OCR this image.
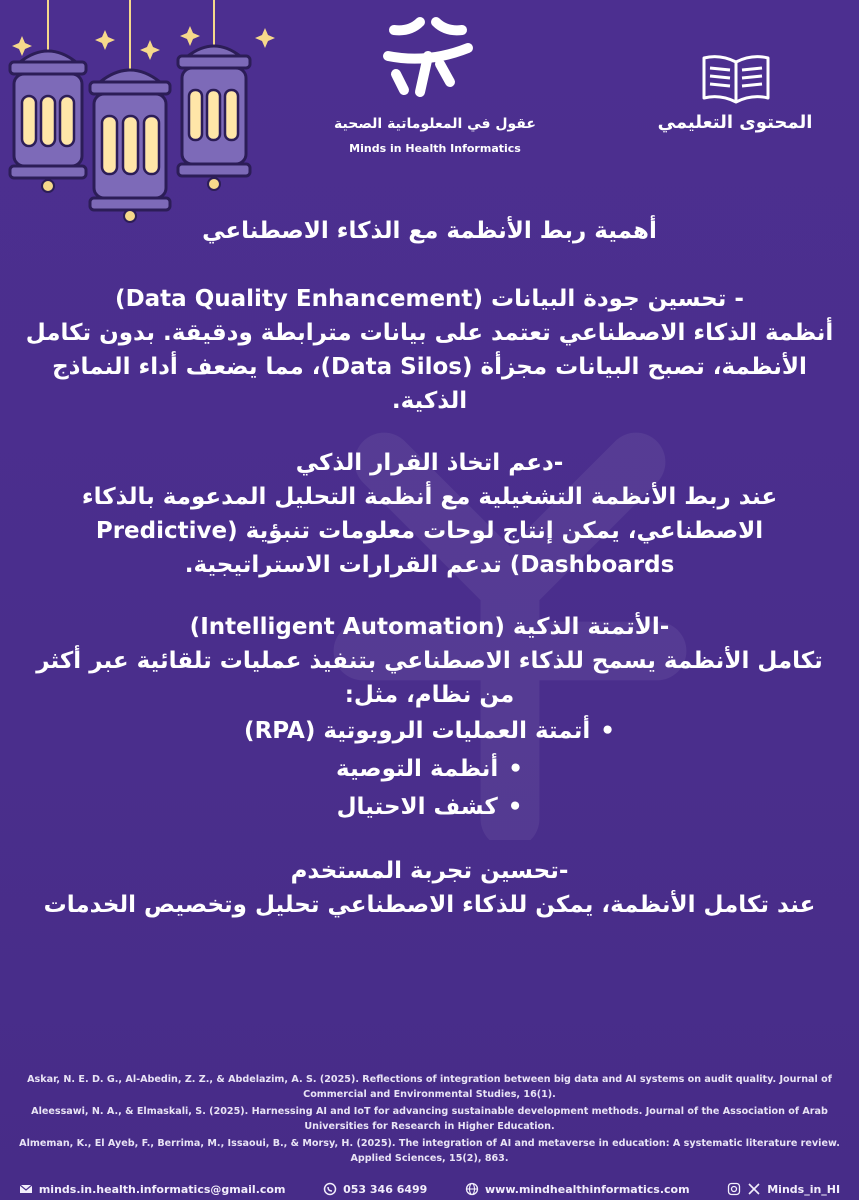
عقول في المعلوماتية الصحية
Minds in Health Informatics
المحتوى التعليمي

أهمية ربط الأنظمة مع الذكاء الاصطناعي

- تحسين جودة البيانات (Data Quality Enhancement)

أنظمة الذكاء الاصطناعي تعتمد على بيانات مترابطة ودقيقة. بدون تكامل الأنظمة، تصبح البيانات مجزأة (Data Silos)، مما يضعف أداء النماذج الذكية.

-دعم اتخاذ القرار الذكي

عند ربط الأنظمة التشغيلية مع أنظمة التحليل المدعومة بالذكاء الاصطناعي، يمكن إنتاج لوحات معلومات تنبؤية (Predictive Dashboards) تدعم القرارات الاستراتيجية.

-الأتمتة الذكية (Intelligent Automation)

تكامل الأنظمة يسمح للذكاء الاصطناعي بتنفيذ عمليات تلقائية عبر أكثر من نظام، مثل:

•أتمتة العمليات الروبوتية (RPA)
•أنظمة التوصية
•كشف الاحتيال

-تحسين تجربة المستخدم

عند تكامل الأنظمة، يمكن للذكاء الاصطناعي تحليل وتخصيص الخدمات

Askar, N. E. D. G., Al-Abedin, Z. Z., & Abdelazim, A. S. (2025). Reflections of integration between big data and AI systems on audit quality. Journal of Commercial and Environmental Studies, 16(1).

Aleessawi, N. A., & Elmaskali, S. (2025). Harnessing AI and IoT for advancing sustainable development methods. Journal of the Association of Arab Universities for Research in Higher Education.

Almeman, K., El Ayeb, F., Berrima, M., Issaoui, B., & Morsy, H. (2025). The integration of AI and metaverse in education: A systematic literature review. Applied Sciences, 15(2), 863.

minds.in.health.informatics@gmail.com	053 346 6499	www.mindhealthinformatics.com	Minds_in_HI
